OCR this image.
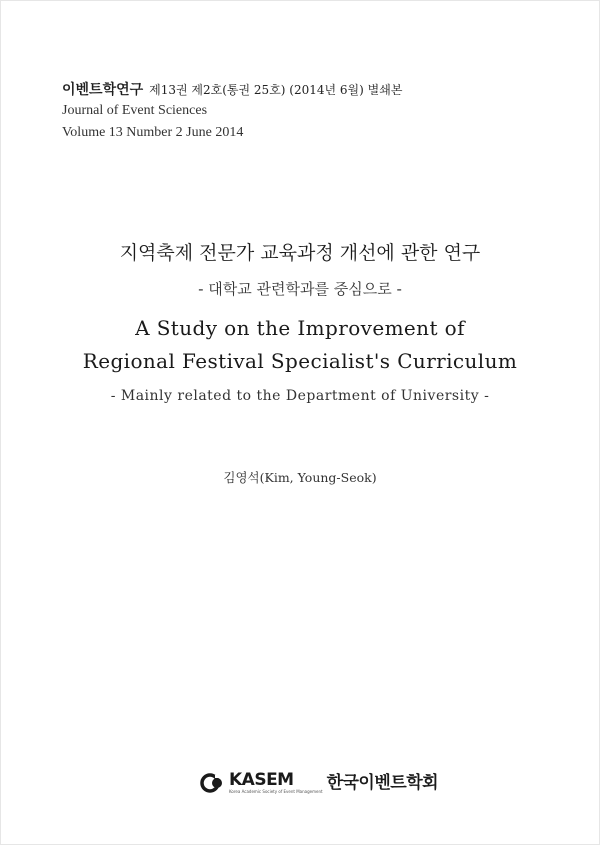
이벤트학연구 제13권 제2호(통권 25호) (2014년 6월) 별쇄본
Journal of Event Sciences
Volume 13 Number 2 June 2014
지역축제 전문가 교육과정 개선에 관한 연구
- 대학교 관련학과를 중심으로 -
A Study on the Improvement of
Regional Festival Specialist's Curriculum
- Mainly related to the Department of University -
김영석(Kim, Young-Seok)
KASEM
Korea Academic Society of Event Management 한국이벤트학회
